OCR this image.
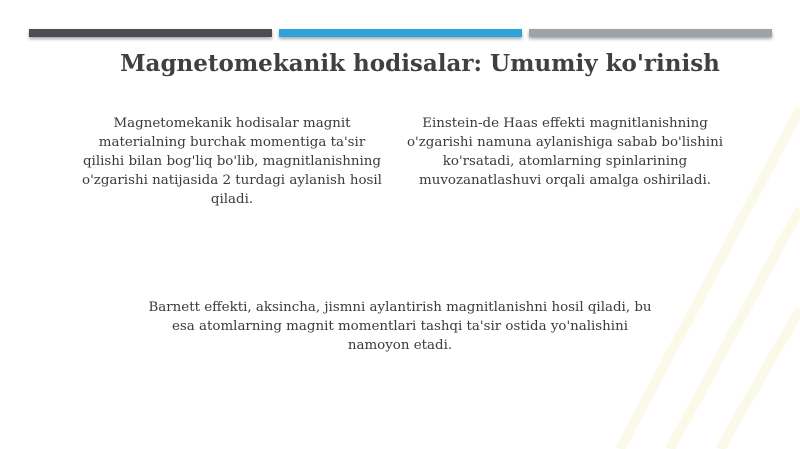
Magnetomekanik hodisalar: Umumiy ko'rinish
Magnetomekanik hodisalar magnit materialning burchak momentiga ta'sir qilishi bilan bog'liq bo'lib, magnitlanishning o'zgarishi natijasida 2 turdagi aylanish hosil qiladi.
Einstein-de Haas effekti magnitlanishning o'zgarishi namuna aylanishiga sabab bo'lishini ko'rsatadi, atomlarning spinlarining muvozanatlashuvi orqali amalga oshiriladi.
Barnett effekti, aksincha, jismni aylantirish magnitlanishni hosil qiladi, bu esa atomlarning magnit momentlari tashqi ta'sir ostida yo'nalishini namoyon etadi.
